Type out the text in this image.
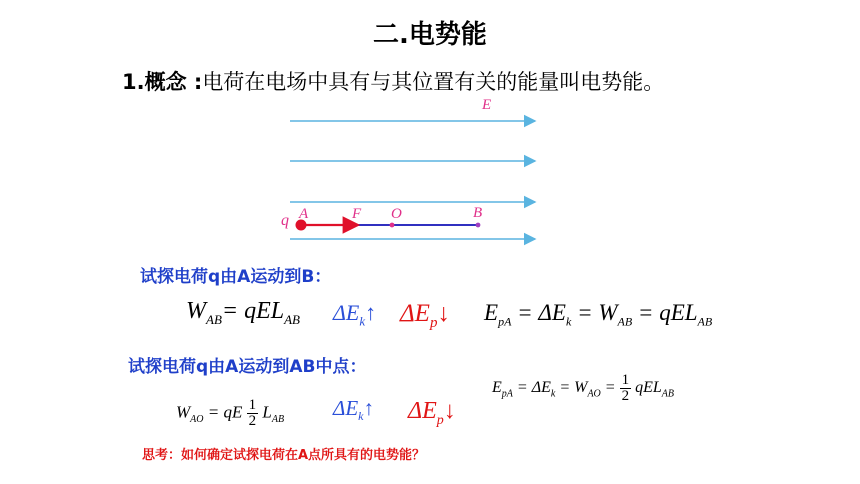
二.电势能
1.概念 :电荷在电场中具有与其位置有关的能量叫电势能。
E
q A	F O	B
试探电荷q由A运动到B：
$W_{AB}= qEL_{AB}$ $\Delta E_k↑$ $\Delta E_p↓$ $E_{pA} = \Delta E_k = W_{AB} = qEL_{AB}$
试探电荷q由A运动到AB中点：
$W_{AO}$ = qE $\frac{1}{2} L_{AB}$ $\Delta E_k↑$ $\Delta E_p↓$
$E_{pA} = \Delta E_k = W_{AO} = \frac{1}{2} qEL_{AB}$
思考：如何确定试探电荷在A点所具有的电势能？
